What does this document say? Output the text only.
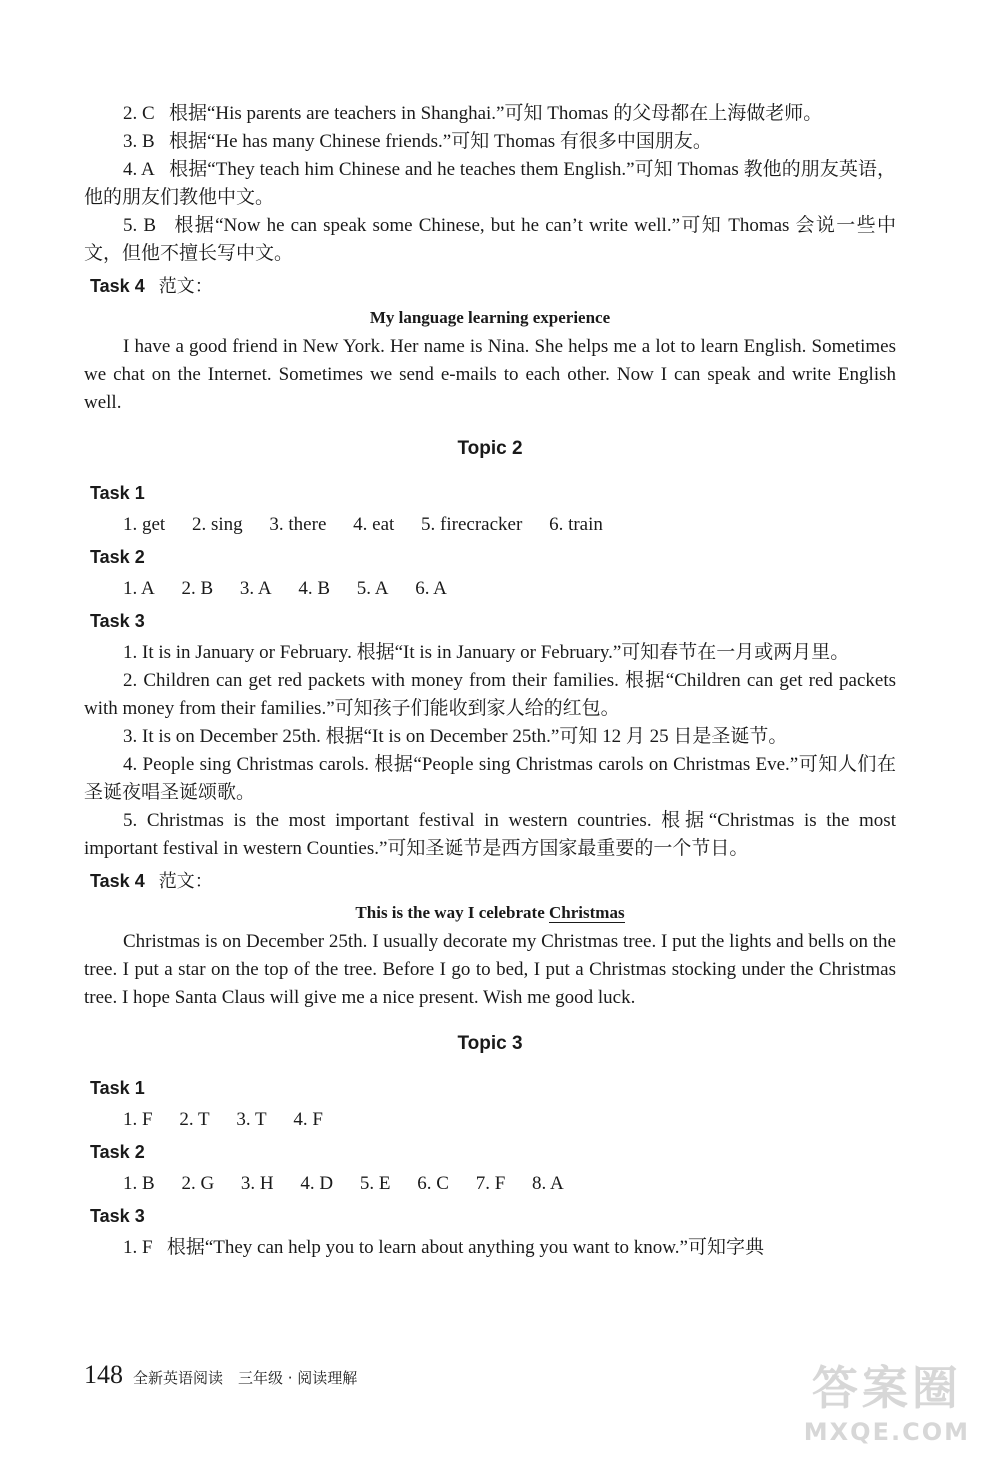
2. C 根据“His parents are teachers in Shanghai.”可知 Thomas 的父母都在上海做老师。

3. B 根据“He has many Chinese friends.”可知 Thomas 有很多中国朋友。

4. A 根据“They teach him Chinese and he teaches them English.”可知 Thomas 教他的朋友英语，他的朋友们教他中文。

5. B 根据“Now he can speak some Chinese, but he can’t write well.”可知 Thomas 会说一些中文，但他不擅长写中文。

Task 4 范文：
My language learning experience

I have a good friend in New York. Her name is Nina. She helps me a lot to learn English. Sometimes we chat on the Internet. Sometimes we send e-mails to each other. Now I can speak and write English well.

Topic 2
Task 1
1. get 2. sing 3. there 4. eat 5. firecracker 6. train
Task 2
1. A 2. B 3. A 4. B 5. A 6. A
Task 3

1. It is in January or February. 根据“It is in January or February.”可知春节在一月或两月里。

2. Children can get red packets with money from their families. 根据“Children can get red packets with money from their families.”可知孩子们能收到家人给的红包。

3. It is on December 25th. 根据“It is on December 25th.”可知 12 月 25 日是圣诞节。

4. People sing Christmas carols. 根据“People sing Christmas carols on Christmas Eve.”可知人们在圣诞夜唱圣诞颂歌。

5. Christmas is the most important festival in western countries. 根据“Christmas is the most important festival in western Counties.”可知圣诞节是西方国家最重要的一个节日。

Task 4 范文：
This is the way I celebrate Christmas

Christmas is on December 25th. I usually decorate my Christmas tree. I put the lights and bells on the tree. I put a star on the top of the tree. Before I go to bed, I put a Christmas stocking under the Christmas tree. I hope Santa Claus will give me a nice present. Wish me good luck.

Topic 3
Task 1
1. F 2. T 3. T 4. F
Task 2
1. B 2. G 3. H 4. D 5. E 6. C 7. F 8. A
Task 3

1. F 根据“They can help you to learn about anything you want to know.”可知字典

148 全新英语阅读　三年级 · 阅读理解	答案圈
MXQE.COM
